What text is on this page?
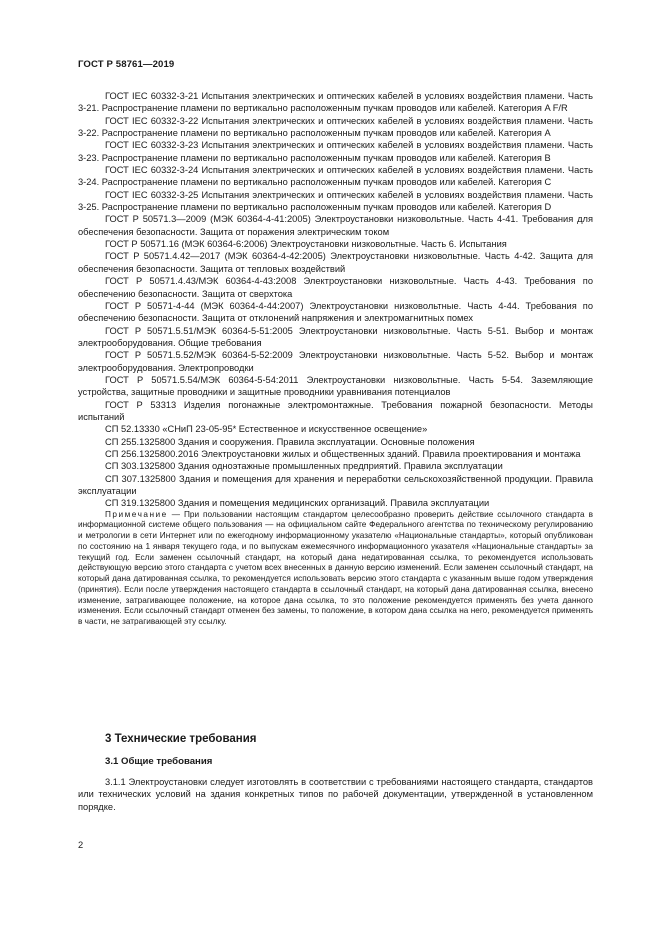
ГОСТ Р 58761—2019

ГОСТ IEC 60332-3-21 Испытания электрических и оптических кабелей в условиях воздействия пламени. Часть 3-21. Распространение пламени по вертикально расположенным пучкам проводов или кабелей. Категория A F/R

ГОСТ IEC 60332-3-22 Испытания электрических и оптических кабелей в условиях воздействия пламени. Часть 3-22. Распространение пламени по вертикально расположенным пучкам проводов или кабелей. Категория А

ГОСТ IEC 60332-3-23 Испытания электрических и оптических кабелей в условиях воздействия пламени. Часть 3-23. Распространение пламени по вертикально расположенным пучкам проводов или кабелей. Категория В

ГОСТ IEC 60332-3-24 Испытания электрических и оптических кабелей в условиях воздействия пламени. Часть 3-24. Распространение пламени по вертикально расположенным пучкам проводов или кабелей. Категория С

ГОСТ IEC 60332-3-25 Испытания электрических и оптических кабелей в условиях воздействия пламени. Часть 3-25. Распространение пламени по вертикально расположенным пучкам проводов или кабелей. Категория D

ГОСТ Р 50571.3—2009 (МЭК 60364-4-41:2005) Электроустановки низковольтные. Часть 4-41. Требования для обеспечения безопасности. Защита от поражения электрическим током

ГОСТ Р 50571.16 (МЭК 60364-6:2006) Электроустановки низковольтные. Часть 6. Испытания

ГОСТ Р 50571.4.42—2017 (МЭК 60364-4-42:2005) Электроустановки низковольтные. Часть 4-42. Защита для обеспечения безопасности. Защита от тепловых воздействий

ГОСТ Р 50571.4.43/МЭК 60364-4-43:2008 Электроустановки низковольтные. Часть 4-43. Требования по обеспечению безопасности. Защита от сверхтока

ГОСТ Р 50571-4-44 (МЭК 60364-4-44:2007) Электроустановки низковольтные. Часть 4-44. Требования по обеспечению безопасности. Защита от отклонений напряжения и электромагнитных помех

ГОСТ Р 50571.5.51/МЭК 60364-5-51:2005 Электроустановки низковольтные. Часть 5-51. Выбор и монтаж электрооборудования. Общие требования

ГОСТ Р 50571.5.52/МЭК 60364-5-52:2009 Электроустановки низковольтные. Часть 5-52. Выбор и монтаж электрооборудования. Электропроводки

ГОСТ Р 50571.5.54/МЭК 60364-5-54:2011 Электроустановки низковольтные. Часть 5-54. Заземляющие устройства, защитные проводники и защитные проводники уравнивания потенциалов

ГОСТ Р 53313 Изделия погонажные электромонтажные. Требования пожарной безопасности. Методы испытаний

СП 52.13330 «СНиП 23-05-95* Естественное и искусственное освещение»

СП 255.1325800 Здания и сооружения. Правила эксплуатации. Основные положения

СП 256.1325800.2016 Электроустановки жилых и общественных зданий. Правила проектирования и монтажа

СП 303.1325800 Здания одноэтажные промышленных предприятий. Правила эксплуатации

СП 307.1325800 Здания и помещения для хранения и переработки сельскохозяйственной продукции. Правила эксплуатации

СП 319.1325800 Здания и помещения медицинских организаций. Правила эксплуатации

Примечание — При пользовании настоящим стандартом целесообразно проверить действие ссылочного стандарта в информационной системе общего пользования — на официальном сайте Федерального агентства по техническому регулированию и метрологии в сети Интернет или по ежегодному информационному указателю «Национальные стандарты», который опубликован по состоянию на 1 января текущего года, и по выпускам ежемесячного информационного указателя «Национальные стандарты» за текущий год. Если заменен ссылочный стандарт, на который дана недатированная ссылка, то рекомендуется использовать действующую версию этого стандарта с учетом всех внесенных в данную версию изменений. Если заменен ссылочный стандарт, на который дана датированная ссылка, то рекомендуется использовать версию этого стандарта с указанным выше годом утверждения (принятия). Если после утверждения настоящего стандарта в ссылочный стандарт, на который дана датированная ссылка, внесено изменение, затрагивающее положение, на которое дана ссылка, то это положение рекомендуется применять без учета данного изменения. Если ссылочный стандарт отменен без замены, то положение, в котором дана ссылка на него, рекомендуется применять в части, не затрагивающей эту ссылку.

3 Технические требования
3.1 Общие требования

3.1.1 Электроустановки следует изготовлять в соответствии с требованиями настоящего стандарта, стандартов или технических условий на здания конкретных типов по рабочей документации, утвержденной в установленном порядке.

2
